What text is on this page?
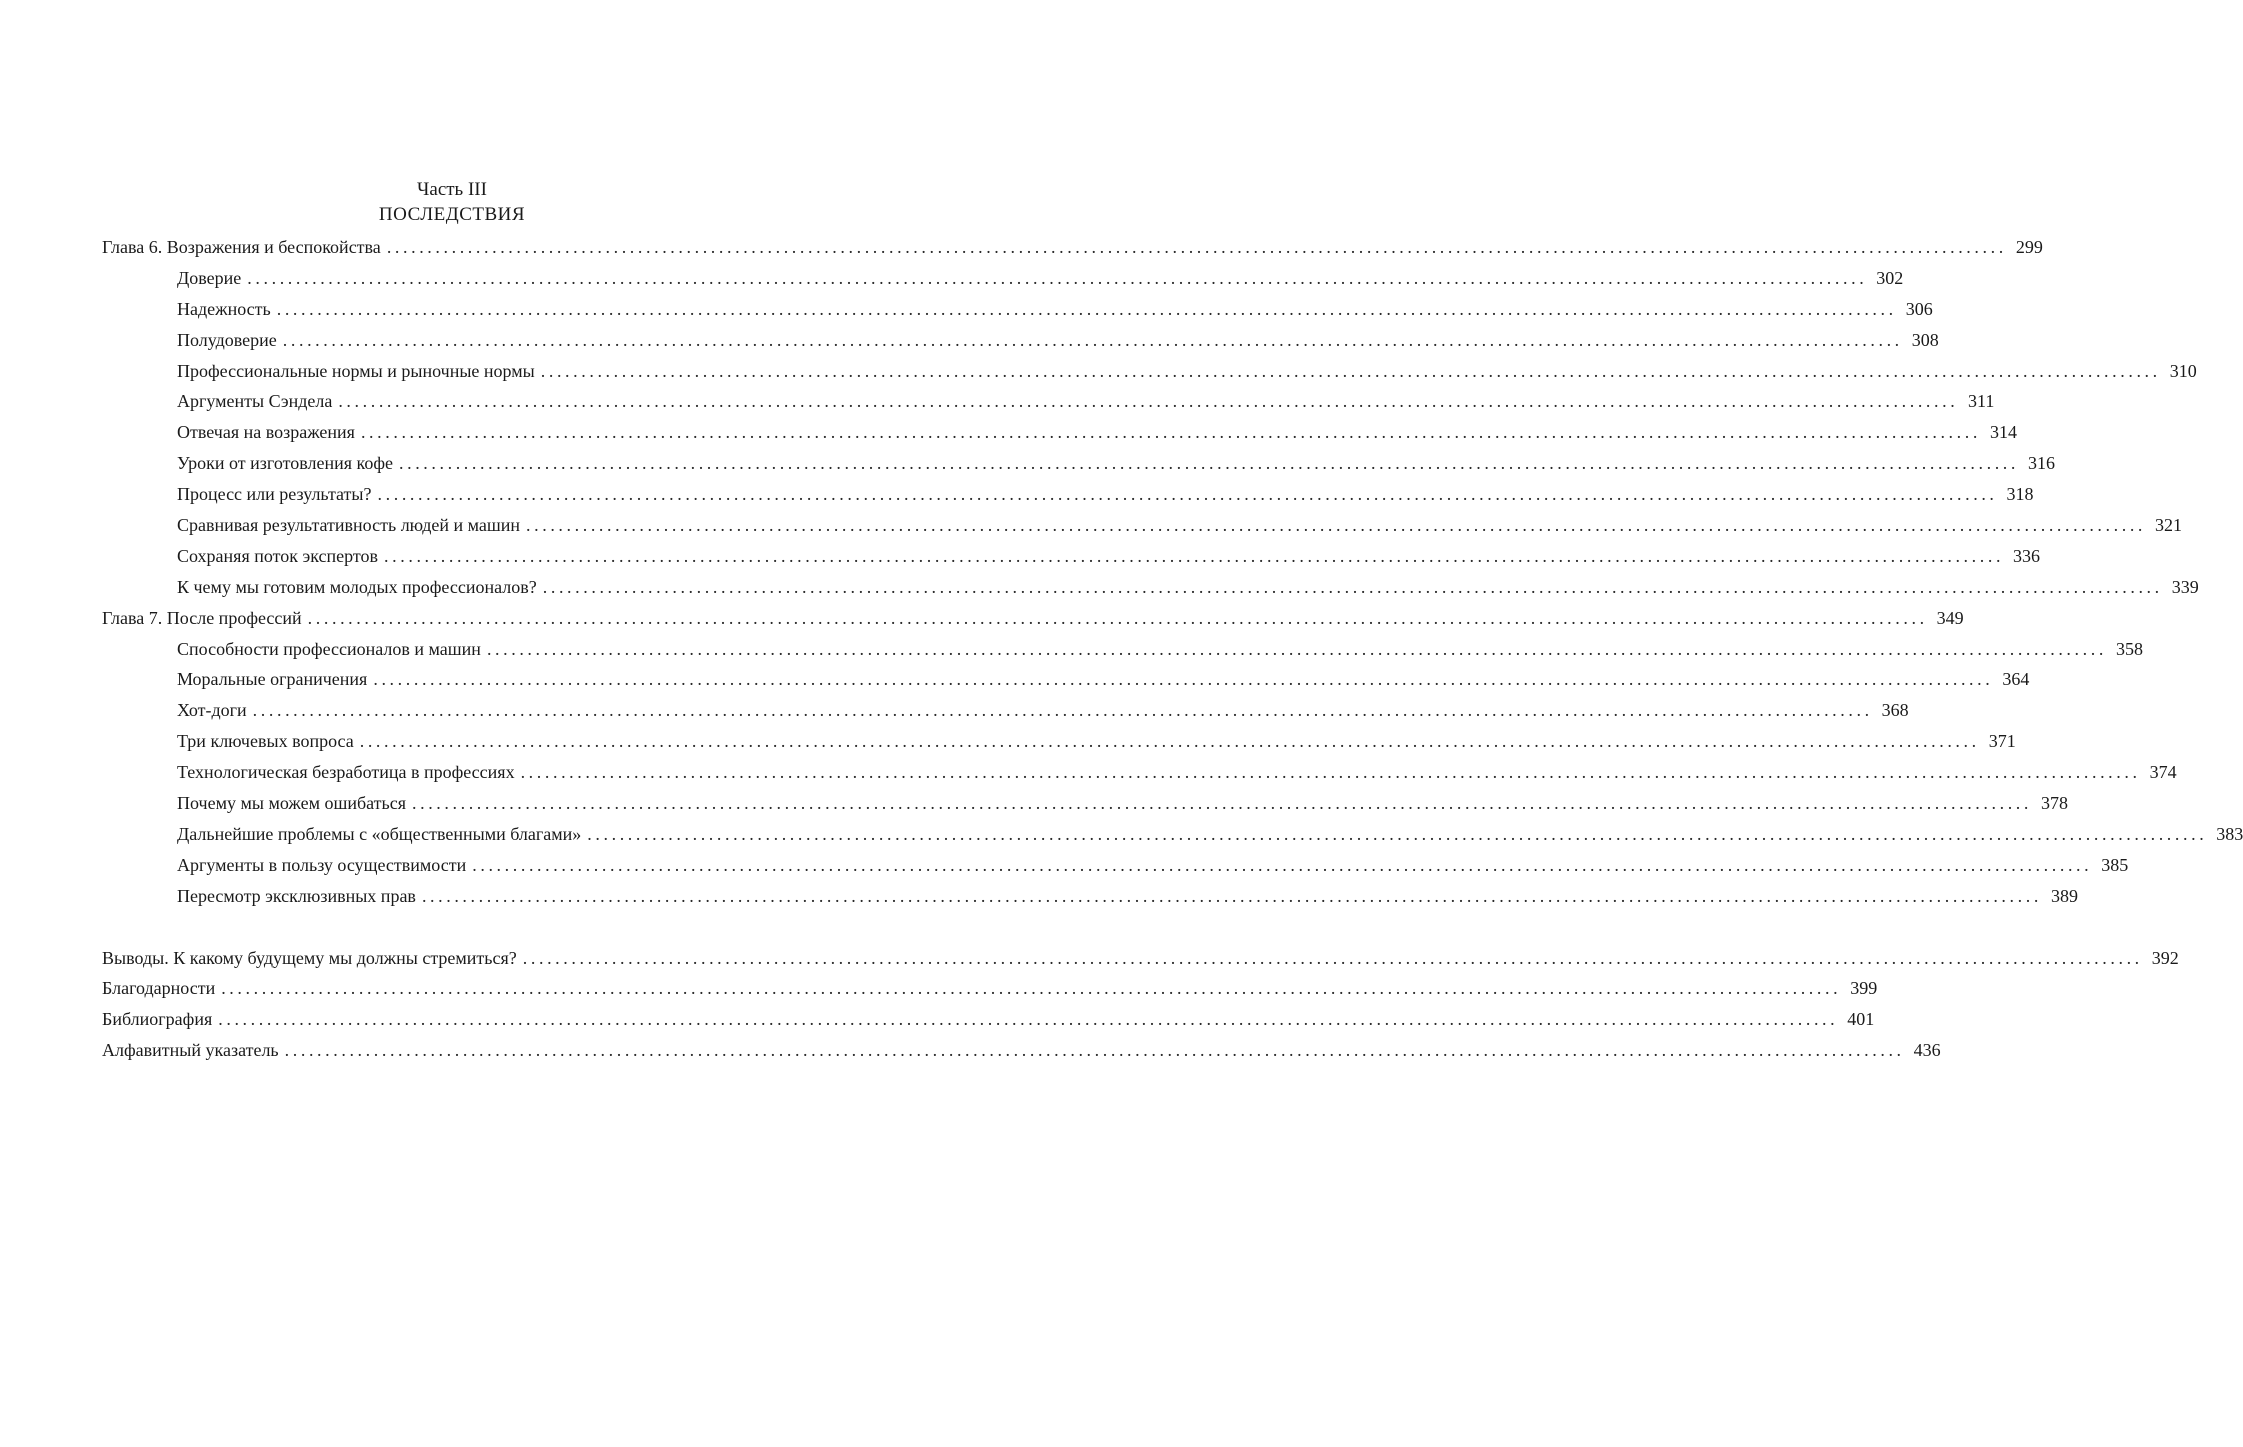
Часть III
ПОСЛЕДСТВИЯ
Глава 6. Возражения и беспокойства ........................................................................................................................................................................................................ 299
Доверие ........................................................................................................................................................................................................ 302
Надежность ........................................................................................................................................................................................................ 306
Полудоверие ........................................................................................................................................................................................................ 308
Профессиональные нормы и рыночные нормы ........................................................................................................................................................................................................ 310
Аргументы Сэндела ........................................................................................................................................................................................................ 311
Отвечая на возражения ........................................................................................................................................................................................................ 314
Уроки от изготовления кофе ........................................................................................................................................................................................................ 316
Процесс или результаты? ........................................................................................................................................................................................................ 318
Сравнивая результативность людей и машин ........................................................................................................................................................................................................ 321
Сохраняя поток экспертов ........................................................................................................................................................................................................ 336
К чему мы готовим молодых профессионалов? ........................................................................................................................................................................................................ 339
Глава 7. После профессий ........................................................................................................................................................................................................ 349
Способности профессионалов и машин ........................................................................................................................................................................................................ 358
Моральные ограничения ........................................................................................................................................................................................................ 364
Хот-доги ........................................................................................................................................................................................................ 368
Три ключевых вопроса ........................................................................................................................................................................................................ 371
Технологическая безработица в профессиях ........................................................................................................................................................................................................ 374
Почему мы можем ошибаться ........................................................................................................................................................................................................ 378
Дальнейшие проблемы с «общественными благами» ........................................................................................................................................................................................................ 383
Аргументы в пользу осуществимости ........................................................................................................................................................................................................ 385
Пересмотр эксклюзивных прав ........................................................................................................................................................................................................ 389
Выводы. К какому будущему мы должны стремиться? ........................................................................................................................................................................................................ 392
Благодарности ........................................................................................................................................................................................................ 399
Библиография ........................................................................................................................................................................................................ 401
Алфавитный указатель ........................................................................................................................................................................................................ 436
